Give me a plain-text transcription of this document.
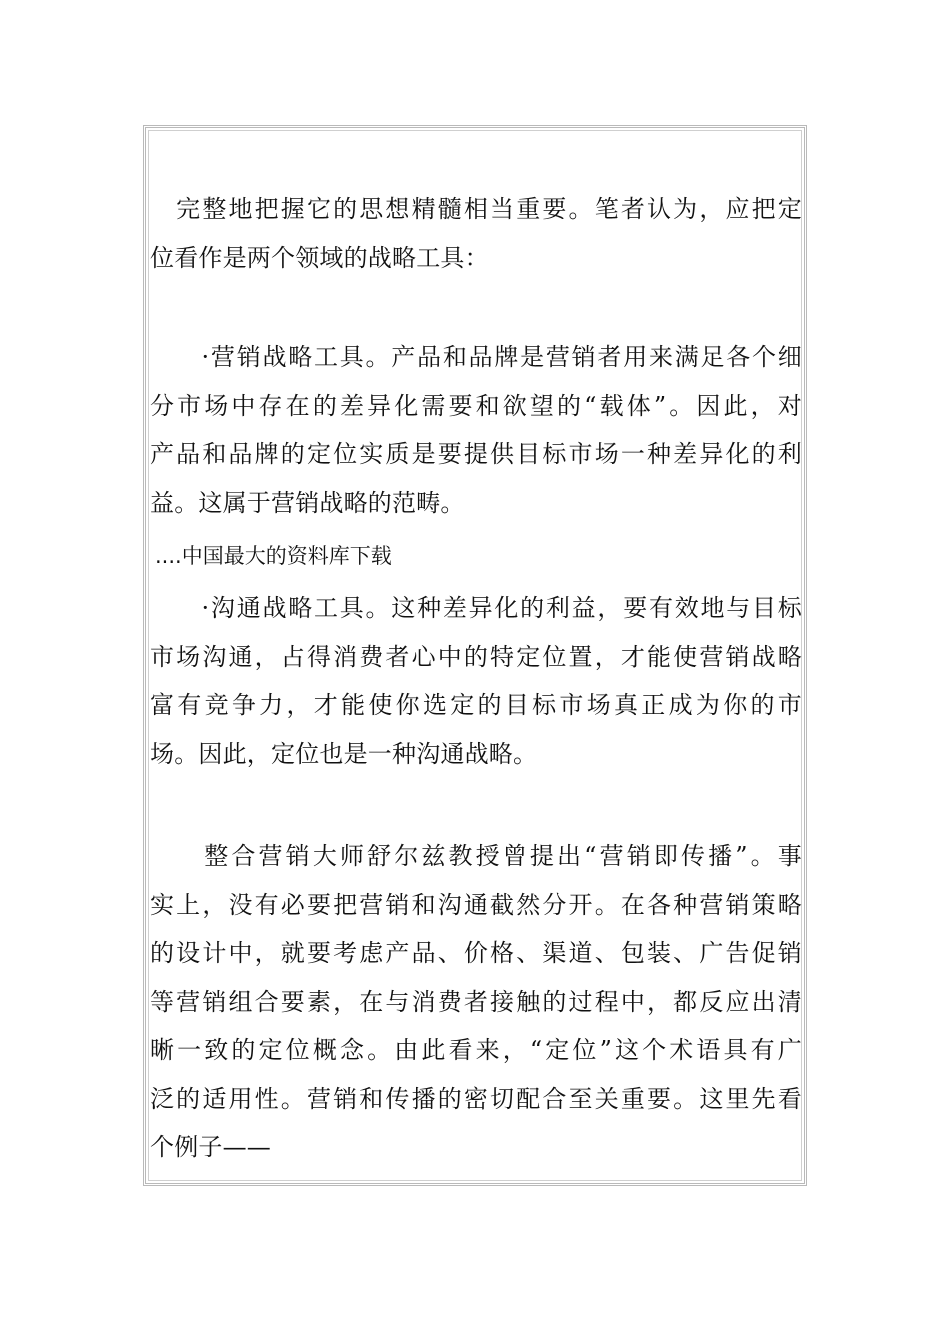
　完整地把握它的思想精髓相当重要。笔者认为，应把定
位看作是两个领域的战略工具：
　　·营销战略工具。产品和品牌是营销者用来满足各个细
分市场中存在的差异化需要和欲望的“载体”。因此，对
产品和品牌的定位实质是要提供目标市场一种差异化的利
益。这属于营销战略的范畴。
....中国最大的资料库下载
　　·沟通战略工具。这种差异化的利益，要有效地与目标
市场沟通，占得消费者心中的特定位置，才能使营销战略
富有竞争力，才能使你选定的目标市场真正成为你的市
场。因此，定位也是一种沟通战略。
　　整合营销大师舒尔兹教授曾提出“营销即传播”。事
实上，没有必要把营销和沟通截然分开。在各种营销策略
的设计中，就要考虑产品、价格、渠道、包装、广告促销
等营销组合要素，在与消费者接触的过程中，都反应出清
晰一致的定位概念。由此看来，“定位”这个术语具有广
泛的适用性。营销和传播的密切配合至关重要。这里先看
个例子——
